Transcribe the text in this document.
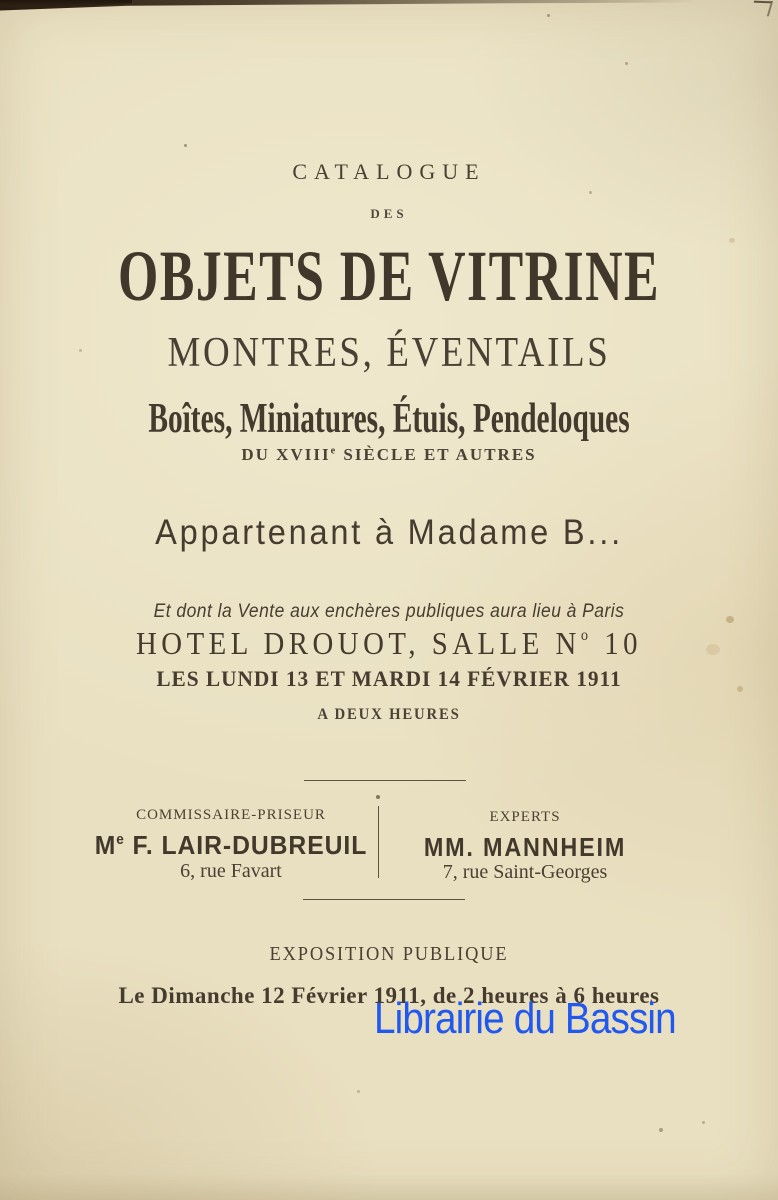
CATALOGUE
DES
OBJETS DE VITRINE
MONTRES, ÉVENTAILS
Boîtes, Miniatures, Étuis, Pendeloques
DU XVIIIe SIÈCLE ET AUTRES
Appartenant à Madame B...
Et dont la Vente aux enchères publiques aura lieu à Paris
HOTEL DROUOT, SALLE $N^o$ 10
LES LUNDI 13 ET MARDI 14 FÉVRIER 1911
A DEUX HEURES
COMMISSAIRE-PRISEUR
Me F. LAIR-DUBREUIL
6, rue Favart
EXPERTS
MM. MANNHEIM
7, rue Saint-Georges
EXPOSITION PUBLIQUE
Le Dimanche 12 Février 1911, de 2 heures à 6 heures
Librairie du Bassin
